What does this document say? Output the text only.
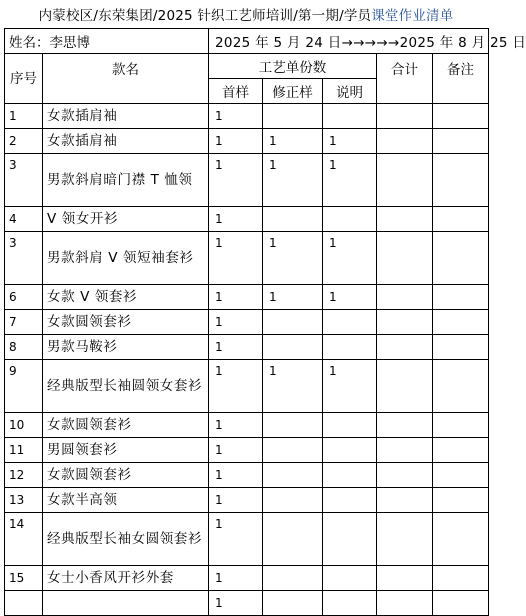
内蒙校区/东荣集团/2025 针织工艺师培训/第一期/学员课堂作业清单
姓名：李思博		2025 年 5 月 24 日→→→→→2025 年 8 月 25 日				
序号	款名	工艺单份数			合计	备注
		首样	修正样	说明		
1	女款插肩袖	1				
2	女款插肩袖	1	1	1		
3	男款斜肩暗门襟 T 恤领	1	1	1		
4	V 领女开衫	1				
3	男款斜肩 V 领短袖套衫	1	1	1		
6	女款 V 领套衫	1	1	1		
7	女款圆领套衫	1				
8	男款马鞍衫	1				
9	经典版型长袖圆领女套衫	1	1	1		
10	女款圆领套衫	1				
11	男圆领套衫	1				
12	女款圆领套衫	1				
13	女款半高领	1				
14	经典版型长袖女圆领套衫	1				
15	女士小香风开衫外套	1				
		1				
